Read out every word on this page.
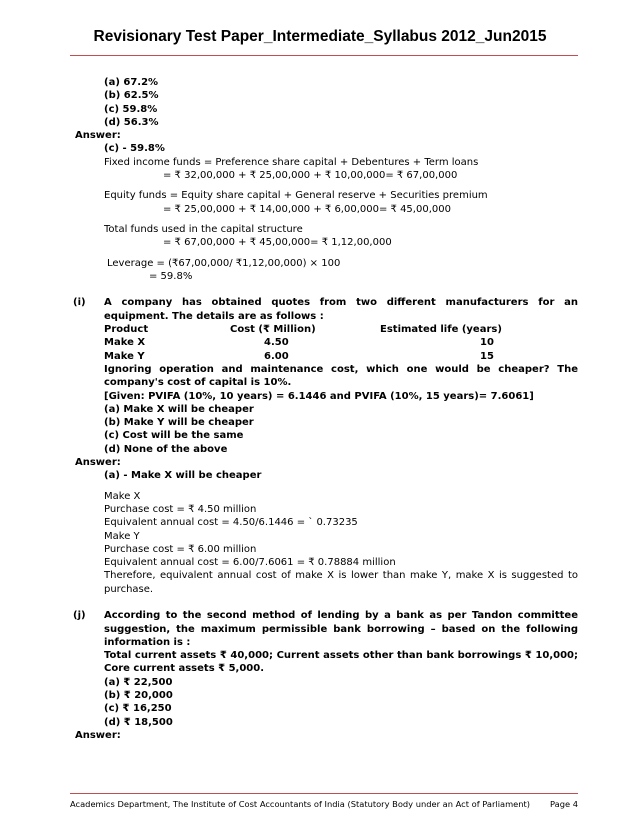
Revisionary Test Paper_Intermediate_Syllabus 2012_Jun2015
(a) 67.2%
(b) 62.5%
(c) 59.8%
(d) 56.3%
Answer:
(c) - 59.8%
Fixed income funds = Preference share capital + Debentures + Term loans
= ₹ 32,00,000 + ₹ 25,00,000 + ₹ 10,00,000= ₹ 67,00,000
Equity funds = Equity share capital + General reserve + Securities premium
= ₹ 25,00,000 + ₹ 14,00,000 + ₹ 6,00,000= ₹ 45,00,000
Total funds used in the capital structure
= ₹ 67,00,000 + ₹ 45,00,000= ₹ 1,12,00,000
Leverage = (₹67,00,000/ ₹1,12,00,000) × 100
= 59.8%
(i) A company has obtained quotes from two different manufacturers for an equipment. The details are as follows :
Product	Cost (₹ Million)	Estimated life (years)
Make X	4.50	10
Make Y	6.00	15
Ignoring operation and maintenance cost, which one would be cheaper? The company's cost of capital is 10%.
[Given: PVIFA (10%, 10 years) = 6.1446 and PVIFA (10%, 15 years)= 7.6061]
(a) Make X will be cheaper
(b) Make Y will be cheaper
(c) Cost will be the same
(d) None of the above
Answer:
(a) - Make X will be cheaper
Make X
Purchase cost = ₹ 4.50 million
Equivalent annual cost = 4.50/6.1446 = ` 0.73235
Make Y
Purchase cost = ₹ 6.00 million
Equivalent annual cost = 6.00/7.6061 = ₹ 0.78884 million
Therefore, equivalent annual cost of make X is lower than make Y, make X is suggested to purchase.
(j) According to the second method of lending by a bank as per Tandon committee suggestion, the maximum permissible bank borrowing – based on the following information is :
Total current assets ₹ 40,000; Current assets other than bank borrowings ₹ 10,000; Core current assets ₹ 5,000.
(a) ₹ 22,500
(b) ₹ 20,000
(c) ₹ 16,250
(d) ₹ 18,500
Answer:
Academics Department, The Institute of Cost Accountants of India (Statutory Body under an Act of Parliament) Page 4
